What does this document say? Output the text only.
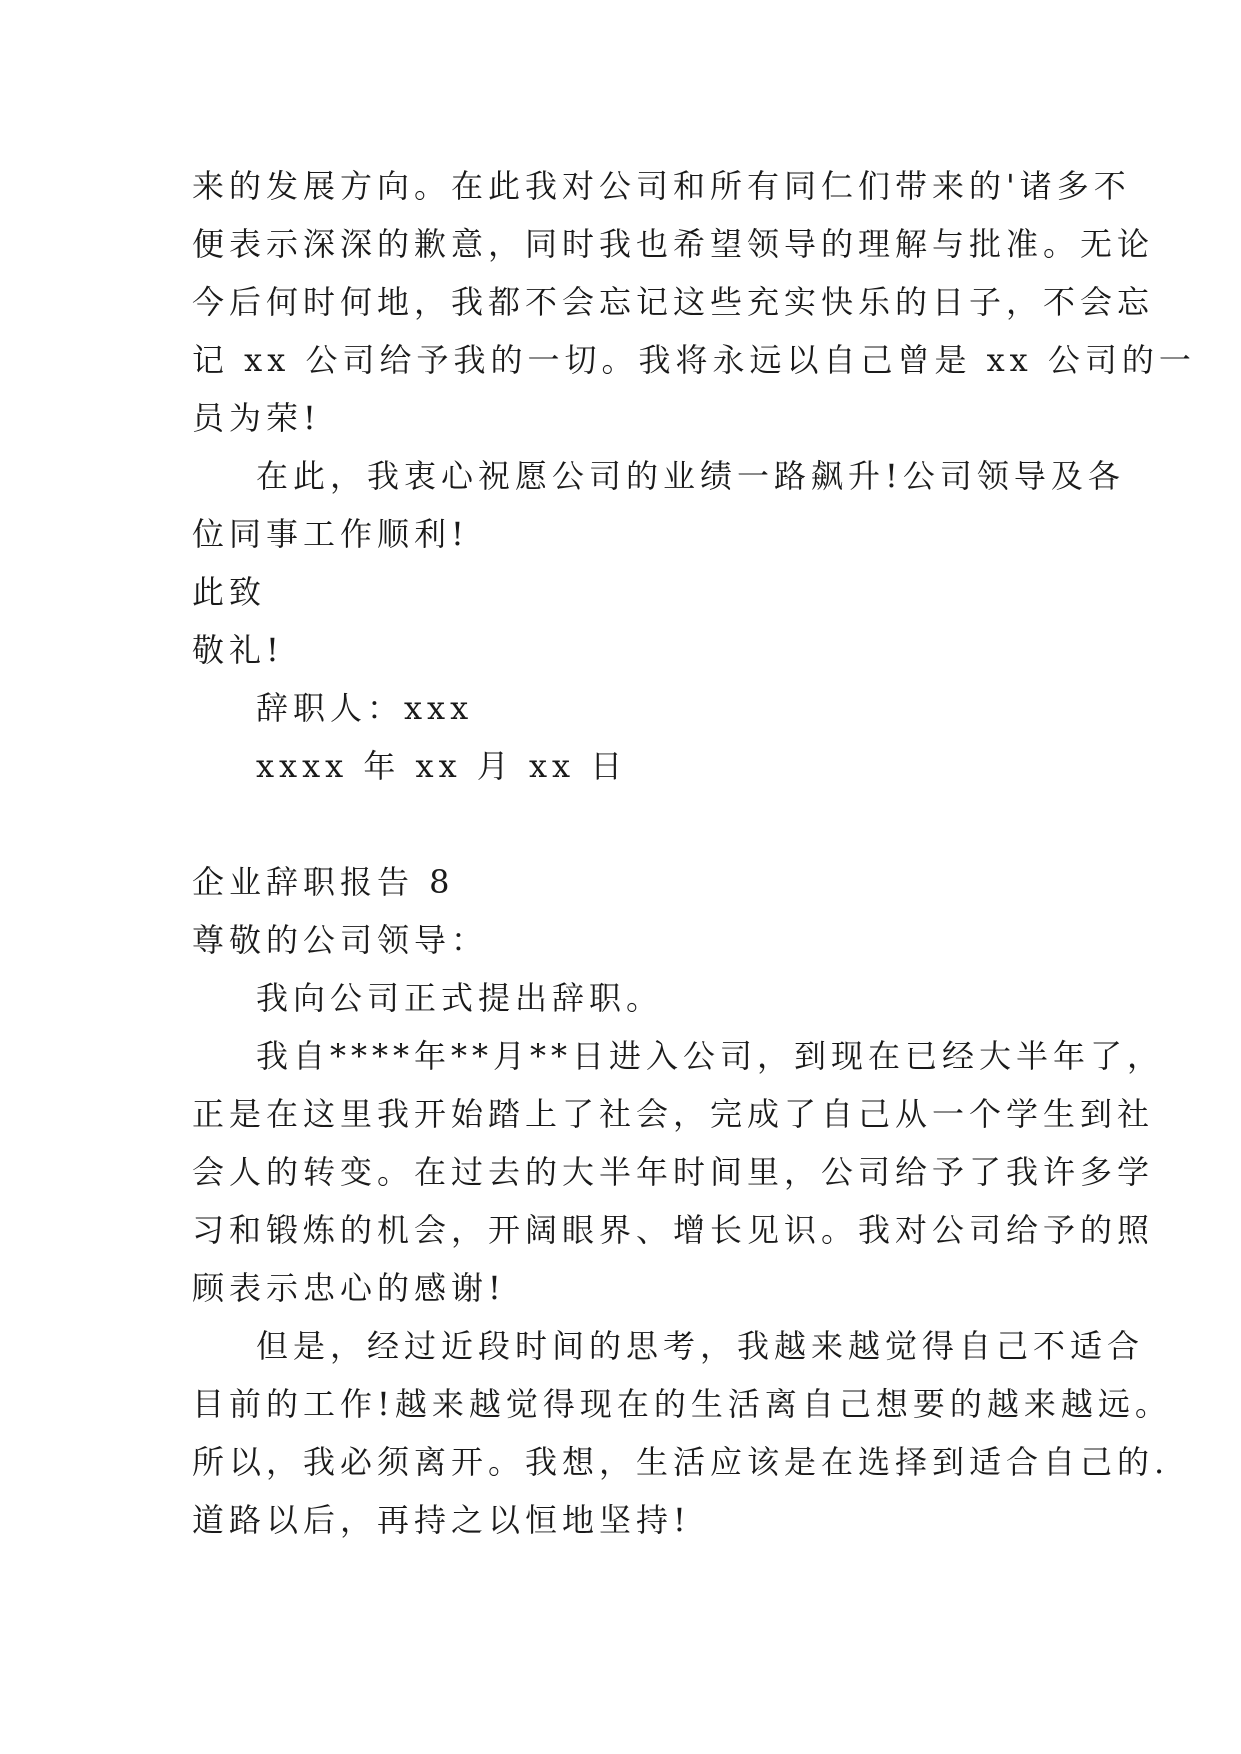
来的发展方向。在此我对公司和所有同仁们带来的'诸多不
便表示深深的歉意，同时我也希望领导的理解与批准。无论
今后何时何地，我都不会忘记这些充实快乐的日子，不会忘
记 xx 公司给予我的一切。我将永远以自己曾是 xx 公司的一
员为荣!
在此，我衷心祝愿公司的业绩一路飙升!公司领导及各
位同事工作顺利!
此致
敬礼!
辞职人：xxx
xxxx 年 xx 月 xx 日
企业辞职报告 8
尊敬的公司领导：
我向公司正式提出辞职。
我自****年**月**日进入公司，到现在已经大半年了，
正是在这里我开始踏上了社会，完成了自己从一个学生到社
会人的转变。在过去的大半年时间里，公司给予了我许多学
习和锻炼的机会，开阔眼界、增长见识。我对公司给予的照
顾表示忠心的感谢!
但是，经过近段时间的思考，我越来越觉得自己不适合
目前的工作!越来越觉得现在的生活离自己想要的越来越远。
所以，我必须离开。我想，生活应该是在选择到适合自己的.
道路以后，再持之以恒地坚持!
